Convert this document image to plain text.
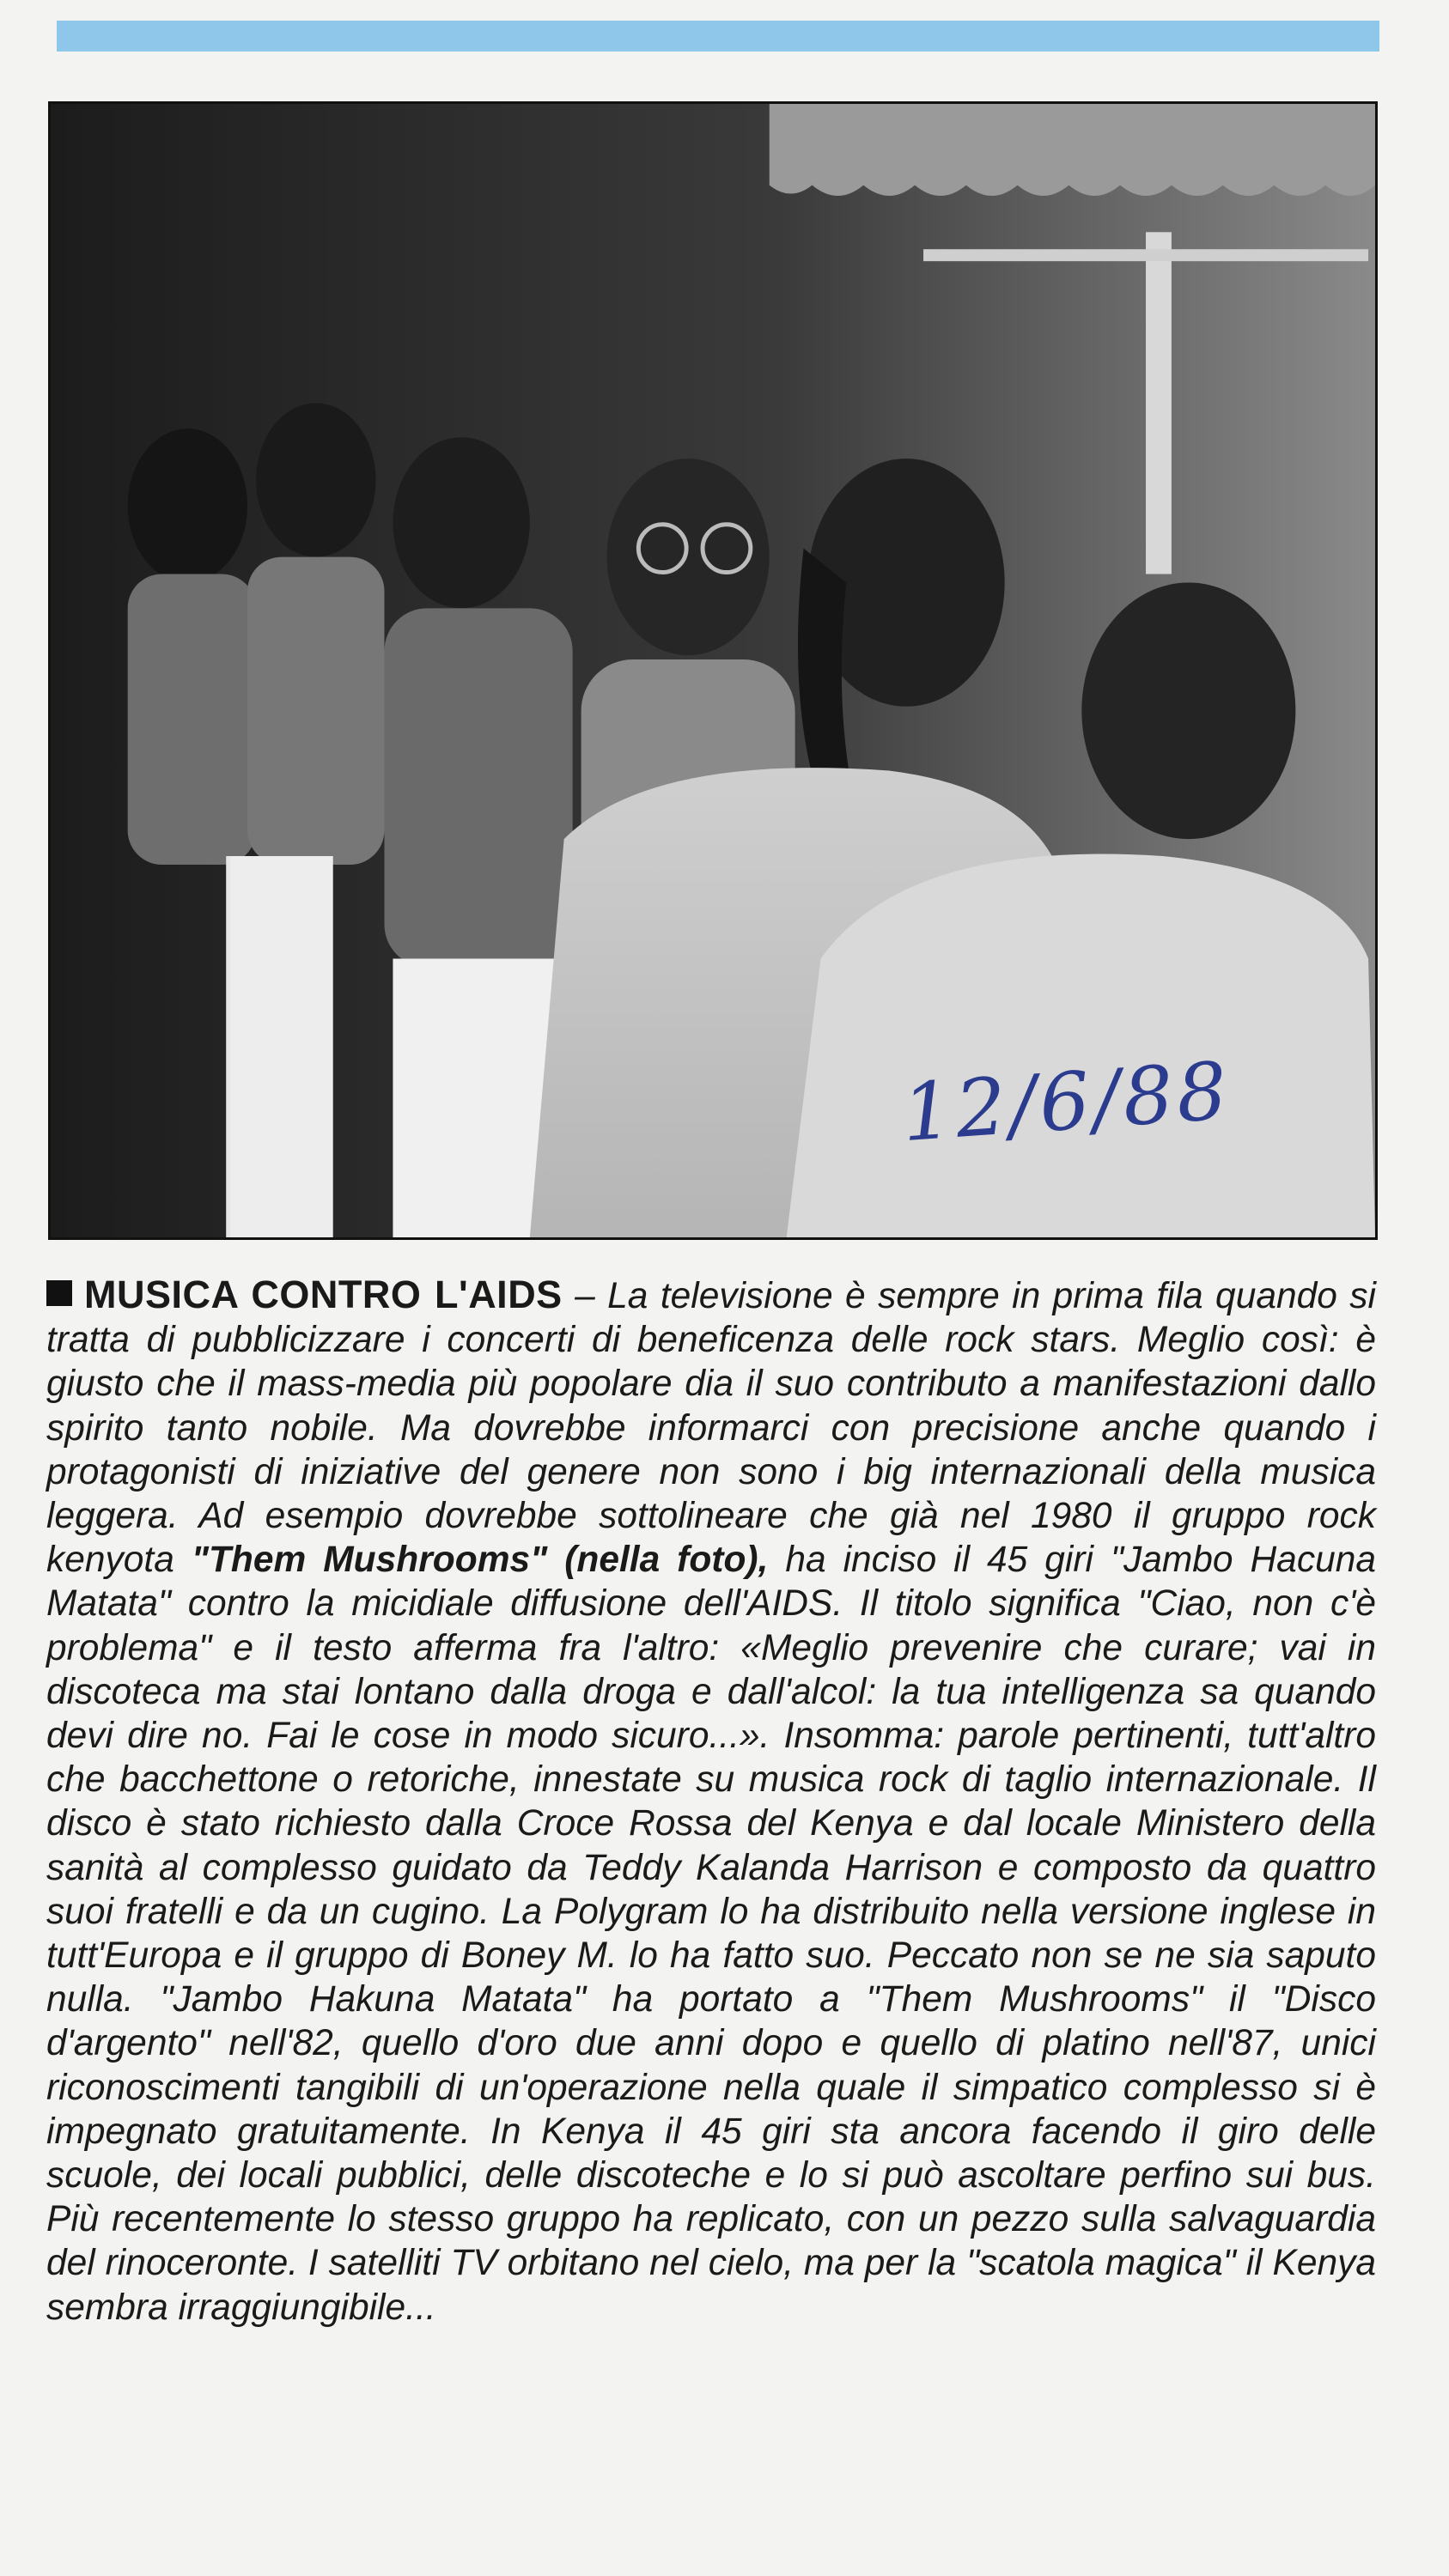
12/6/88

MUSICA CONTRO L'AIDS – La televisione è sempre in prima fila quando si tratta di pubblicizzare i concerti di beneficenza delle rock stars. Meglio così: è giusto che il mass-media più popolare dia il suo contributo a manifestazioni dallo spirito tanto nobile. Ma dovrebbe informarci con precisione anche quando i protagonisti di iniziative del genere non sono i big internazionali della musica leggera. Ad esempio dovrebbe sottolineare che già nel 1980 il gruppo rock kenyota "Them Mushrooms" (nella foto), ha inciso il 45 giri "Jambo Hacuna Matata" contro la micidiale diffusione dell'AIDS. Il titolo significa "Ciao, non c'è problema" e il testo afferma fra l'altro: «Meglio prevenire che curare; vai in discoteca ma stai lontano dalla droga e dall'alcol: la tua intelligenza sa quando devi dire no. Fai le cose in modo sicuro...». Insomma: parole pertinenti, tutt'altro che bacchettone o retoriche, innestate su musica rock di taglio internazionale. Il disco è stato richiesto dalla Croce Rossa del Kenya e dal locale Ministero della sanità al complesso guidato da Teddy Kalanda Harrison e composto da quattro suoi fratelli e da un cugino. La Polygram lo ha distribuito nella versione inglese in tutt'Europa e il gruppo di Boney M. lo ha fatto suo. Peccato non se ne sia saputo nulla. "Jambo Hakuna Matata" ha portato a "Them Mushrooms" il "Disco d'argento" nell'82, quello d'oro due anni dopo e quello di platino nell'87, unici riconoscimenti tangibili di un'operazione nella quale il simpatico complesso si è impegnato gratuitamente. In Kenya il 45 giri sta ancora facendo il giro delle scuole, dei locali pubblici, delle discoteche e lo si può ascoltare perfino sui bus. Più recentemente lo stesso gruppo ha replicato, con un pezzo sulla salvaguardia del rinoceronte. I satelliti TV orbitano nel cielo, ma per la "scatola magica" il Kenya sembra irraggiungibile...
